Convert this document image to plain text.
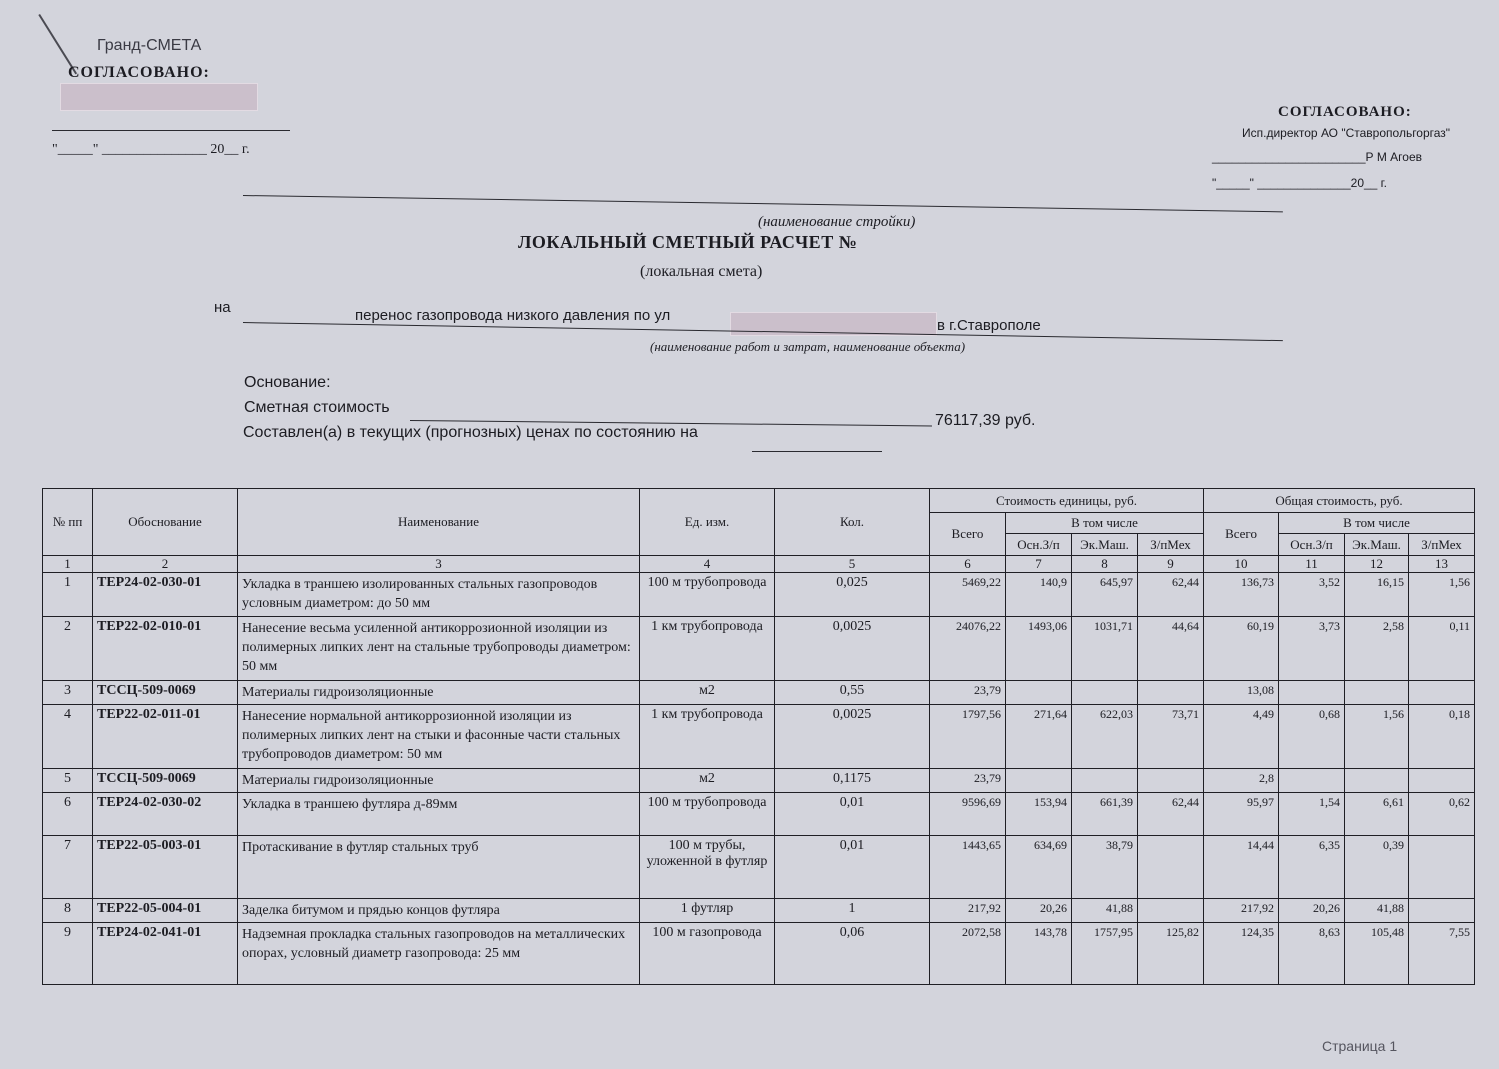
Гранд-СМЕТА
СОГЛАСОВАНО:
"_____" _______________ 20__ г.
СОГЛАСОВАНО:
Исп.директор АО "Ставропольгоргаз"
_______________________Р М Агоев
"_____" ______________20__ г.
(наименование стройки)
ЛОКАЛЬНЫЙ СМЕТНЫЙ РАСЧЕТ №
(локальная смета)
на	перенос газопровода низкого давления по ул
в г.Ставрополе
(наименование работ и затрат, наименование объекта)
Основание:
Сметная стоимость
76117,39 руб.
Составлен(а) в текущих (прогнозных) ценах по состоянию на
№ пп	Обоснование	Наименование	Ед. изм.	Кол.	Стоимость единицы, руб.				Общая стоимость, руб.			
					Всего	В том числе			Всего	В том числе		
						Осн.З/п	Эк.Маш.	З/пМех		Осн.З/п	Эк.Маш.	З/пМех
1	2	3	4	5	6	7	8	9	10	11	12	13
1	ТЕР24-02-030-01	Укладка в траншею изолированных стальных газопроводов условным диаметром: до 50 мм	100 м трубопровода	0,025	5469,22	140,9	645,97	62,44	136,73	3,52	16,15	1,56
2	ТЕР22-02-010-01	Нанесение весьма усиленной антикоррозионной изоляции из полимерных липких лент на стальные трубопроводы диаметром: 50 мм	1 км трубопровода	0,0025	24076,22	1493,06	1031,71	44,64	60,19	3,73	2,58	0,11
3	ТССЦ-509-0069	Материалы гидроизоляционные	м2	0,55	23,79				13,08			
4	ТЕР22-02-011-01	Нанесение нормальной антикоррозионной изоляции из полимерных липких лент на стыки и фасонные части стальных трубопроводов диаметром: 50 мм	1 км трубопровода	0,0025	1797,56	271,64	622,03	73,71	4,49	0,68	1,56	0,18
5	ТССЦ-509-0069	Материалы гидроизоляционные	м2	0,1175	23,79				2,8			
6	ТЕР24-02-030-02	Укладка в траншею футляра д-89мм	100 м трубопровода	0,01	9596,69	153,94	661,39	62,44	95,97	1,54	6,61	0,62
7	ТЕР22-05-003-01	Протаскивание в футляр стальных труб	100 м трубы, уложенной в футляр	0,01	1443,65	634,69	38,79		14,44	6,35	0,39	
8	ТЕР22-05-004-01	Заделка битумом и прядью концов футляра	1 футляр	1	217,92	20,26	41,88		217,92	20,26	41,88	
9	ТЕР24-02-041-01	Надземная прокладка стальных газопроводов на металлических опорах, условный диаметр газопровода: 25 мм	100 м газопровода	0,06	2072,58	143,78	1757,95	125,82	124,35	8,63	105,48	7,55
Страница 1
